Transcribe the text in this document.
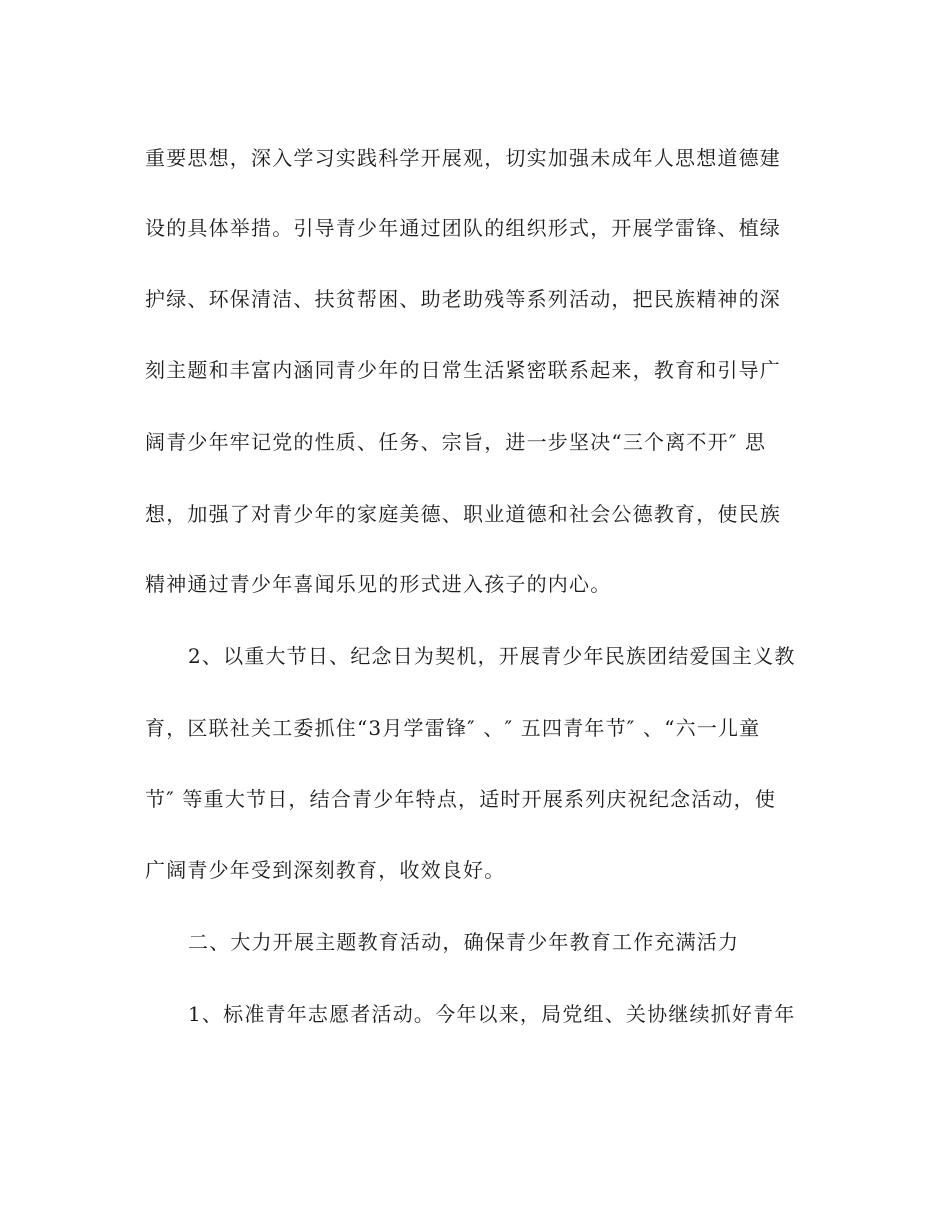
重要思想，深入学习实践科学开展观，切实加强未成年人思想道德建
设的具体举措。引导青少年通过团队的组织形式，开展学雷锋、植绿
护绿、环保清洁、扶贫帮困、助老助残等系列活动，把民族精神的深
刻主题和丰富内涵同青少年的日常生活紧密联系起来，教育和引导广
阔青少年牢记党的性质、任务、宗旨，进一步坚决“三个离不开″ 思
想，加强了对青少年的家庭美德、职业道德和社会公德教育，使民族
精神通过青少年喜闻乐见的形式进入孩子的内心。
2、以重大节日、纪念日为契机，开展青少年民族团结爱国主义教
育，区联社关工委抓住“3月学雷锋″ 、″ 五四青年节″ 、“六一儿童
节″ 等重大节日，结合青少年特点，适时开展系列庆祝纪念活动，使
广阔青少年受到深刻教育，收效良好。
二、大力开展主题教育活动，确保青少年教育工作充满活力
1、标准青年志愿者活动。今年以来，局党组、关协继续抓好青年
